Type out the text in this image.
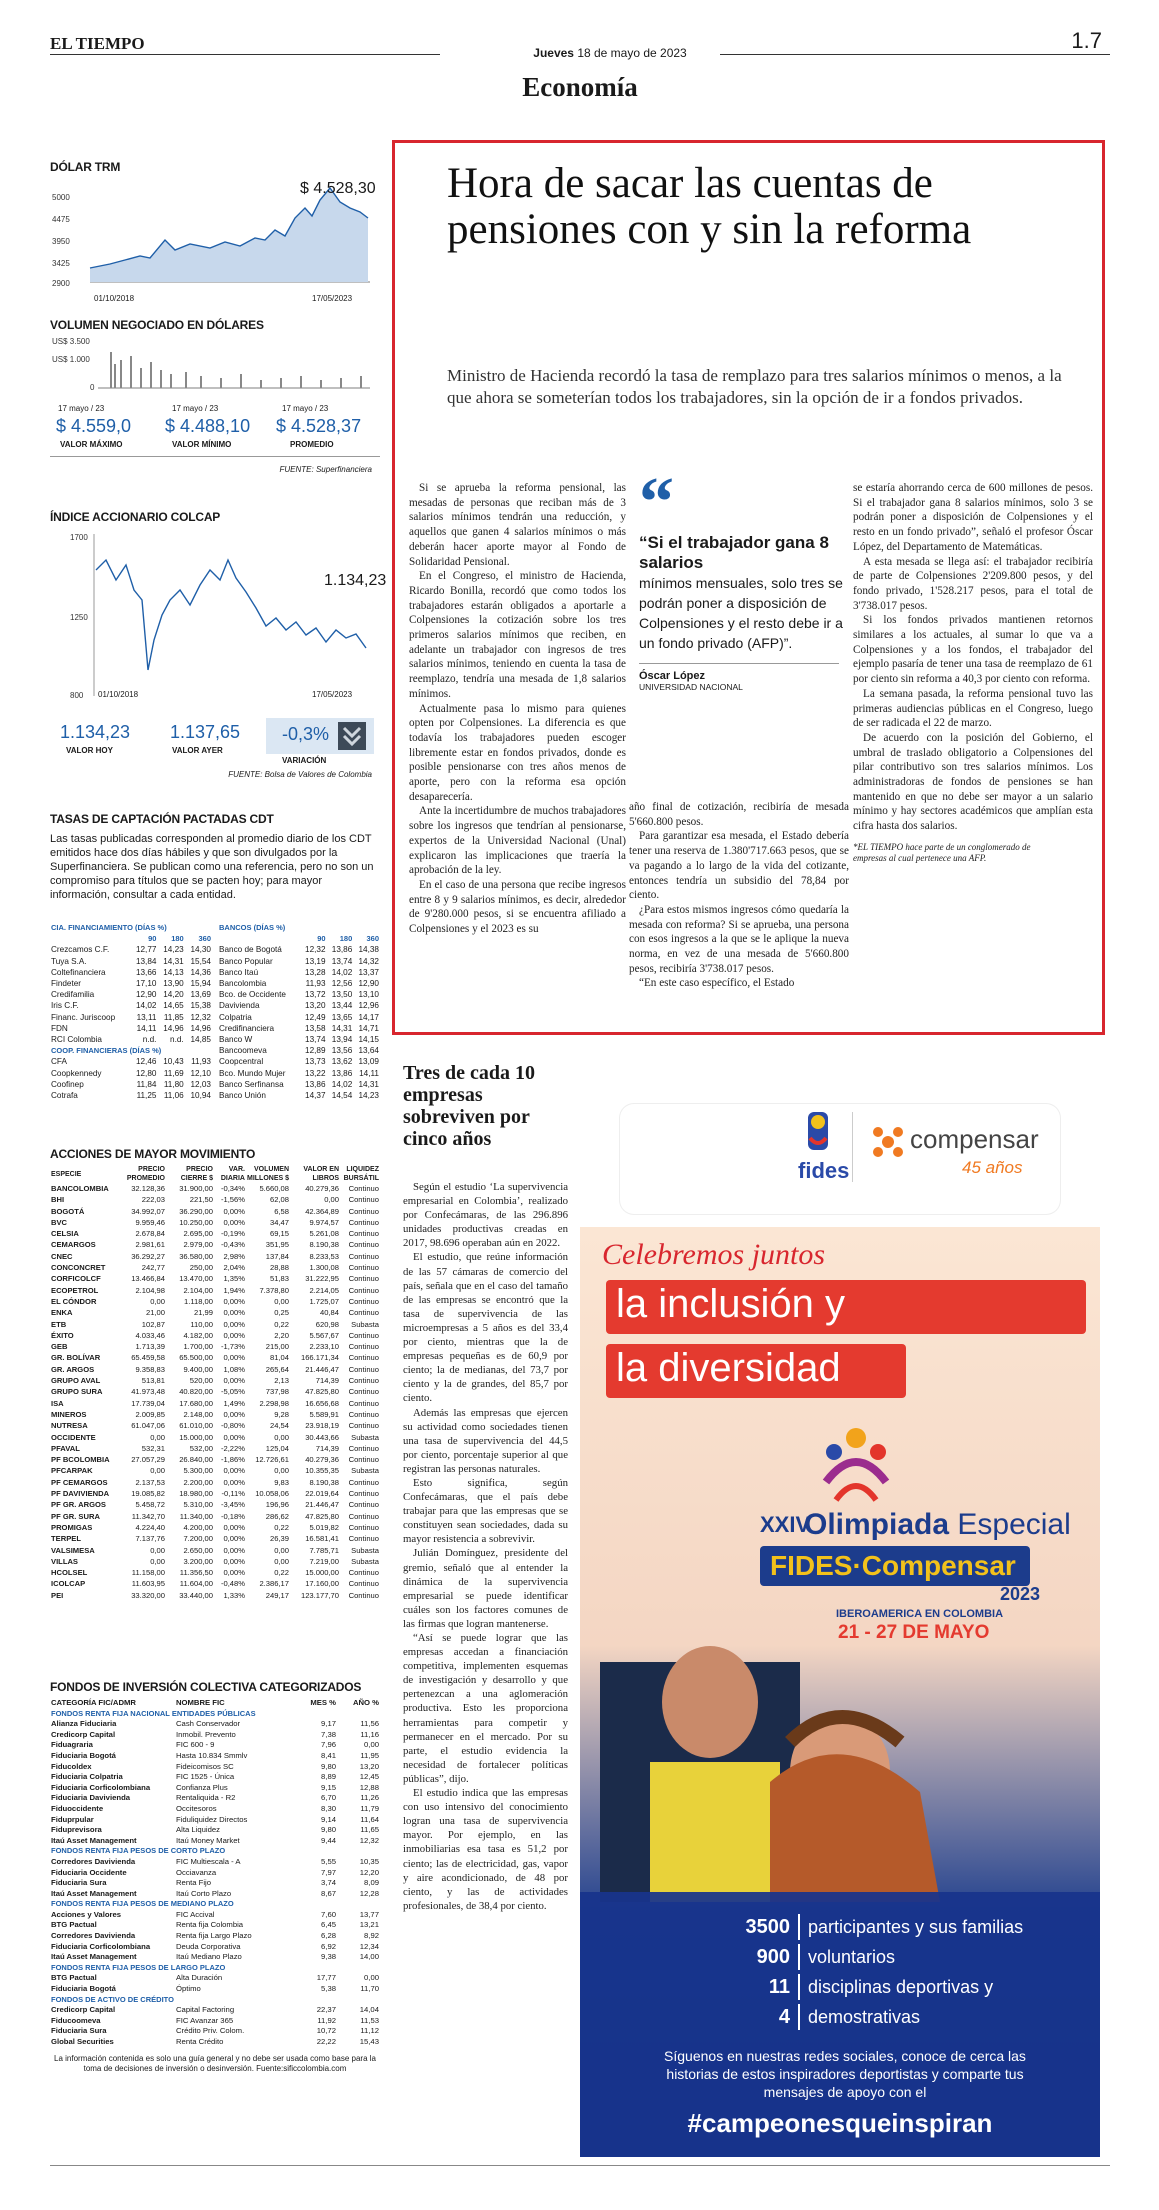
EL TIEMPO	Jueves 18 de mayo de 2023	1.7
Economía
DÓLAR TRM
5000
4475
3950
3425
2900
$ 4.528,30
01/10/2018	17/05/2023
VOLUMEN NEGOCIADO EN DÓLARES
US$ 3.500
US$ 1.000
0
17 mayo / 23	17 mayo / 23	17 mayo / 23
$ 4.559,0 $ 4.488,10 $ 4.528,37
VALOR MÁXIMO	VALOR MÍNIMO	PROMEDIO
FUENTE: Superfinanciera
ÍNDICE ACCIONARIO COLCAP
1700
1250
800
1.134,23
01/10/2018	17/05/2023
1.134,23 1.137,65 -0,3%
VALOR HOY	VALOR AYER
VARIACIÓN
FUENTE: Bolsa de Valores de Colombia
TASAS DE CAPTACIÓN PACTADAS CDT
Las tasas publicadas corresponden al promedio diario de los CDT emitidos hace dos días hábiles y que son divulgados por la Superfinanciera. Se publican como una referencia, pero no son un compromiso para títulos que se pacten hoy; para mayor información, consultar a cada entidad.
CIA. FINANCIAMIENTO (DÍAS %)			
	90	180	360
Crezcamos C.F.	12,77	14,23	14,30
Tuya S.A.	13,84	14,31	15,54
Coltefinanciera	13,66	14,13	14,36
Findeter	17,10	13,90	15,94
Credifamilia	12,90	14,20	13,69
Iris C.F.	14,02	14,65	15,38
Financ. Juriscoop	13,11	11,85	12,32
FDN	14,11	14,96	14,96
RCI Colombia	n.d.	n.d.	14,85
COOP. FINANCIERAS (DÍAS %)			
CFA	12,46	10,43	11,93
Coopkennedy	12,80	11,69	12,10
Coofinep	11,84	11,80	12,03
Cotrafa	11,25	11,06	10,94
BANCOS (DÍAS %)			
	90	180	360
Banco de Bogotá	12,32	13,86	14,38
Banco Popular	13,19	13,74	14,32
Banco Itaú	13,28	14,02	13,37
Bancolombia	11,93	12,56	12,90
Bco. de Occidente	13,72	13,50	13,10
Davivienda	13,20	13,44	12,96
Colpatria	12,49	13,65	14,17
Credifinanciera	13,58	14,31	14,71
Banco W	13,74	13,94	14,15
Bancoomeva	12,89	13,56	13,64
Coopcentral	13,73	13,62	13,09
Bco. Mundo Mujer	13,22	13,86	14,11
Banco Serfinansa	13,86	14,02	14,31
Banco Unión	14,37	14,54	14,23
ACCIONES DE MAYOR MOVIMIENTO
ESPECIE	PRECIO PROMEDIO	PRECIO CIERRE $	VAR. DIARIA	VOLUMEN MILLONES $	VALOR EN LIBROS	LIQUIDEZ BURSÁTIL
BANCOLOMBIA	32.128,36	31.900,00	-0,34%	5.660,08	40.279,36	Continuo
BHI	222,03	221,50	-1,56%	62,08	0,00	Continuo
BOGOTÁ	34.992,07	36.290,00	0,00%	6,58	42.364,89	Continuo
BVC	9.959,46	10.250,00	0,00%	34,47	9.974,57	Continuo
CELSIA	2.678,84	2.695,00	-0,19%	69,15	5.261,08	Continuo
CEMARGOS	2.981,61	2.979,00	-0,43%	351,95	8.190,38	Continuo
CNEC	36.292,27	36.580,00	2,98%	137,84	8.233,53	Continuo
CONCONCRET	242,77	250,00	2,04%	28,88	1.300,08	Continuo
CORFICOLCF	13.466,84	13.470,00	1,35%	51,83	31.222,95	Continuo
ECOPETROL	2.104,98	2.104,00	1,94%	7.378,80	2.214,05	Continuo
EL CÓNDOR	0,00	1.118,00	0,00%	0,00	1.725,07	Continuo
ENKA	21,00	21,99	0,00%	0,25	40,84	Continuo
ETB	102,87	110,00	0,00%	0,22	620,98	Subasta
ÉXITO	4.033,46	4.182,00	0,00%	2,20	5.567,67	Continuo
GEB	1.713,39	1.700,00	-1,73%	215,00	2.233,10	Continuo
GR. BOLÍVAR	65.459,58	65.500,00	0,00%	81,04	166.171,34	Continuo
GR. ARGOS	9.358,83	9.400,00	1,08%	265,64	21.446,47	Continuo
GRUPO AVAL	513,81	520,00	0,00%	2,13	714,39	Continuo
GRUPO SURA	41.973,48	40.820,00	-5,05%	737,98	47.825,80	Continuo
ISA	17.739,04	17.680,00	1,49%	2.298,98	16.656,68	Continuo
MINEROS	2.009,85	2.148,00	0,00%	9,28	5.589,91	Continuo
NUTRESA	61.047,06	61.010,00	-0,80%	24,54	23.918,19	Continuo
OCCIDENTE	0,00	15.000,00	0,00%	0,00	30.443,66	Subasta
PFAVAL	532,31	532,00	-2,22%	125,04	714,39	Continuo
PF BCOLOMBIA	27.057,29	26.840,00	-1,86%	12.726,61	40.279,36	Continuo
PFCARPAK	0,00	5.300,00	0,00%	0,00	10.355,35	Subasta
PF CEMARGOS	2.137,53	2.200,00	0,00%	9,83	8.190,38	Continuo
PF DAVIVIENDA	19.085,82	18.980,00	-0,11%	10.058,06	22.019,64	Continuo
PF GR. ARGOS	5.458,72	5.310,00	-3,45%	196,96	21.446,47	Continuo
PF GR. SURA	11.342,70	11.340,00	-0,18%	286,62	47.825,80	Continuo
PROMIGAS	4.224,40	4.200,00	0,00%	0,22	5.019,82	Continuo
TERPEL	7.137,76	7.200,00	0,00%	26,39	16.581,41	Continuo
VALSIMESA	0,00	2.650,00	0,00%	0,00	7.785,71	Subasta
VILLAS	0,00	3.200,00	0,00%	0,00	7.219,00	Subasta
HCOLSEL	11.158,00	11.356,50	0,00%	0,22	15.000,00	Continuo
ICOLCAP	11.603,95	11.604,00	-0,48%	2.386,17	17.160,00	Continuo
PEI	33.320,00	33.440,00	1,33%	249,17	123.177,70	Continuo
FONDOS DE INVERSIÓN COLECTIVA CATEGORIZADOS
CATEGORÍA FIC/ADMR	NOMBRE FIC	MES %	AÑO %
FONDOS RENTA FIJA NACIONAL ENTIDADES PÚBLICAS			
Alianza Fiduciaria	Cash Conservador	9,17	11,56
Credicorp Capital	Inmobil. Prevento	7,38	11,16
Fiduagraria	FIC 600 - 9	7,96	0,00
Fiduciaria Bogotá	Hasta 10.834 Smmlv	8,41	11,95
Fiducoldex	Fideicomisos SC	9,80	13,20
Fiduciaria Colpatria	FIC 1525 - Única	8,89	12,45
Fiduciaria Corficolombiana	Confianza Plus	9,15	12,88
Fiduciaria Davivienda	Rentaliquida - R2	6,70	11,26
Fiduoccidente	Occitesoros	8,30	11,79
Fiduprpular	Fiduliquidez Directos	9,14	11,64
Fiduprevisora	Alta Liquidez	9,80	11,65
Itaú Asset Management	Itaú Money Market	9,44	12,32
FONDOS RENTA FIJA PESOS DE CORTO PLAZO			
Corredores Davivienda	FIC Multiescala - A	5,55	10,35
Fiduciaria Occidente	Occiavanza	7,97	12,20
Fiduciaria Sura	Renta Fijo	3,74	8,09
Itaú Asset Management	Itaú Corto Plazo	8,67	12,28
FONDOS RENTA FIJA PESOS DE MEDIANO PLAZO			
Acciones y Valores	FIC Accival	7,60	13,77
BTG Pactual	Renta fija Colombia	6,45	13,21
Corredores Davivienda	Renta fija Largo Plazo	6,28	8,92
Fiduciaria Corficolombiana	Deuda Corporativa	6,92	12,34
Itaú Asset Management	Itaú Mediano Plazo	9,38	14,00
FONDOS RENTA FIJA PESOS DE LARGO PLAZO			
BTG Pactual	Alta Duración	17,77	0,00
Fiduciaria Bogotá	Óptimo	5,38	11,70
FONDOS DE ACTIVO DE CRÉDITO			
Credicorp Capital	Capital Factoring	22,37	14,04
Fiducoomeva	FIC Avanzar 365	11,92	11,53
Fiduciaria Sura	Crédito Priv. Colom.	10,72	11,12
Global Securities	Renta Crédito	22,22	15,43
La información contenida es solo una guía general y no debe ser usada como base para la toma de decisiones de inversión o desinversión. Fuente:sificcolombia.com
Hora de sacar las cuentas de pensiones con y sin la reforma
Ministro de Hacienda recordó la tasa de remplazo para tres salarios mínimos o menos, a la que ahora se someterían todos los trabajadores, sin la opción de ir a fondos privados.

Si se aprueba la reforma pensional, las mesadas de personas que reciban más de 3 salarios mínimos tendrán una reducción, y aquellos que ganen 4 salarios mínimos o más deberán hacer aporte mayor al Fondo de Solidaridad Pensional.

En el Congreso, el ministro de Hacienda, Ricardo Bonilla, recordó que como todos los trabajadores estarán obligados a aportarle a Colpensiones la cotización sobre los tres primeros salarios mínimos que reciben, en adelante un trabajador con ingresos de tres salarios mínimos, teniendo en cuenta la tasa de reemplazo, tendría una mesada de 1,8 salarios mínimos.

Actualmente pasa lo mismo para quienes opten por Colpensiones. La diferencia es que todavía los trabajadores pueden escoger libremente estar en fondos privados, donde es posible pensionarse con tres años menos de aporte, pero con la reforma esa opción desaparecería.

Ante la incertidumbre de muchos trabajadores sobre los ingresos que tendrían al pensionarse, expertos de la Universidad Nacional (Unal) explicaron las implicaciones que traería la aprobación de la ley.

En el caso de una persona que recibe ingresos entre 8 y 9 salarios mínimos, es decir, alrededor de 9'280.000 pesos, si se encuentra afiliado a Colpensiones y el 2023 es su

“
“Si el trabajador gana 8 salarios
mínimos mensuales, solo tres se podrán poner a disposición de Colpensiones y el resto debe ir a un fondo privado (AFP)”.
Óscar López
UNIVERSIDAD NACIONAL

año final de cotización, recibiría de mesada 5'660.800 pesos.

Para garantizar esa mesada, el Estado debería tener una reserva de 1.380'717.663 pesos, que se va pagando a lo largo de la vida del cotizante, entonces tendría un subsidio del 78,84 por ciento.

¿Para estos mismos ingresos cómo quedaría la mesada con reforma? Si se aprueba, una persona con esos ingresos a la que se le aplique la nueva norma, en vez de una mesada de 5'660.800 pesos, recibiría 3'738.017 pesos.

“En este caso específico, el Estado

se estaría ahorrando cerca de 600 millones de pesos. Si el trabajador gana 8 salarios mínimos, solo 3 se podrán poner a disposición de Colpensiones y el resto en un fondo privado”, señaló el profesor Óscar López, del Departamento de Matemáticas.

A esta mesada se llega así: el trabajador recibiría de parte de Colpensiones 2'209.800 pesos, y del fondo privado, 1'528.217 pesos, para el total de 3'738.017 pesos.

Si los fondos privados mantienen retornos similares a los actuales, al sumar lo que va a Colpensiones y a los fondos, el trabajador del ejemplo pasaría de tener una tasa de reemplazo de 61 por ciento sin reforma a 40,3 por ciento con reforma.

La semana pasada, la reforma pensional tuvo las primeras audiencias públicas en el Congreso, luego de ser radicada el 22 de marzo.

De acuerdo con la posición del Gobierno, el umbral de traslado obligatorio a Colpensiones del pilar contributivo son tres salarios mínimos. Los administradoras de fondos de pensiones se han mantenido en que no debe ser mayor a un salario mínimo y hay sectores académicos que amplían esta cifra hasta dos salarios.

*EL TIEMPO hace parte de un conglomerado de empresas al cual pertenece una AFP.
Tres de cada 10 empresas sobreviven por cinco años

Según el estudio ‘La supervivencia empresarial en Colombia’, realizado por Confecámaras, de las 296.896 unidades productivas creadas en 2017, 98.696 operaban aún en 2022.

El estudio, que reúne información de las 57 cámaras de comercio del país, señala que en el caso del tamaño de las empresas se encontró que la tasa de supervivencia de las microempresas a 5 años es del 33,4 por ciento, mientras que la de empresas pequeñas es de 60,9 por ciento; la de medianas, del 73,7 por ciento y la de grandes, del 85,7 por ciento.

Además las empresas que ejercen su actividad como sociedades tienen una tasa de supervivencia del 44,5 por ciento, porcentaje superior al que registran las personas naturales.

Esto significa, según Confecámaras, que el país debe trabajar para que las empresas que se constituyen sean sociedades, dada su mayor resistencia a sobrevivir.

Julián Domínguez, presidente del gremio, señaló que al entender la dinámica de la supervivencia empresarial se puede identificar cuáles son los factores comunes de las firmas que logran mantenerse.

“Así se puede lograr que las empresas accedan a financiación competitiva, implementen esquemas de investigación y desarrollo y que pertenezcan a una aglomeración productiva. Esto les proporciona herramientas para competir y permanecer en el mercado. Por su parte, el estudio evidencia la necesidad de fortalecer políticas públicas”, dijo.

El estudio indica que las empresas con uso intensivo del conocimiento logran una tasa de supervivencia mayor. Por ejemplo, en las inmobiliarias esa tasa es 51,2 por ciento; las de electricidad, gas, vapor y aire acondicionado, de 48 por ciento, y las de actividades profesionales, de 38,4 por ciento.

fides
compensar
45 años
Celebremos juntos
la inclusión y
la diversidad
XXIV
Olimpiada Especial
FIDES·Compensar
2023
IBEROAMERICA EN COLOMBIA
21 - 27 DE MAYO
3500 participantes y sus familias
900 voluntarios
11 disciplinas deportivas y
4 demostrativas
Síguenos en nuestras redes sociales, conoce de cerca las historias de estos inspiradores deportistas y comparte tus mensajes de apoyo con el
#campeonesqueinspiran
